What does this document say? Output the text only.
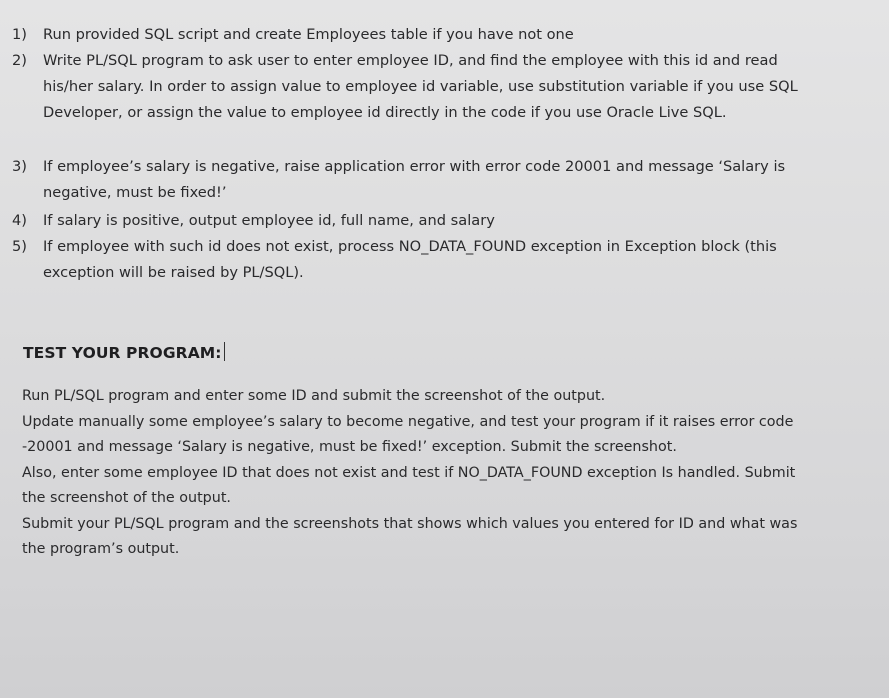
1)	Run provided SQL script and create Employees table if you have not one
2)	Write PL/SQL program to ask user to enter employee ID, and find the employee with this id and read his/her salary. In order to assign value to employee id variable, use substitution variable if you use SQL Developer, or assign the value to employee id directly in the code if you use Oracle Live SQL.
3)	If employee’s salary is negative, raise application error with error code 20001 and message ‘Salary is negative, must be fixed!’
4)	If salary is positive, output employee id, full name, and salary
5)	If employee with such id does not exist, process NO_DATA_FOUND exception in Exception block (this exception will be raised by PL/SQL).
TEST YOUR PROGRAM:

Run PL/SQL program and enter some ID and submit the screenshot of the output.

Update manually some employee’s salary to become negative, and test your program if it raises error code -20001 and message ‘Salary is negative, must be fixed!’ exception. Submit the screenshot.

Also, enter some employee ID that does not exist and test if NO_DATA_FOUND exception Is handled. Submit the screenshot of the output.

Submit your PL/SQL program and the screenshots that shows which values you entered for ID and what was the program’s output.
